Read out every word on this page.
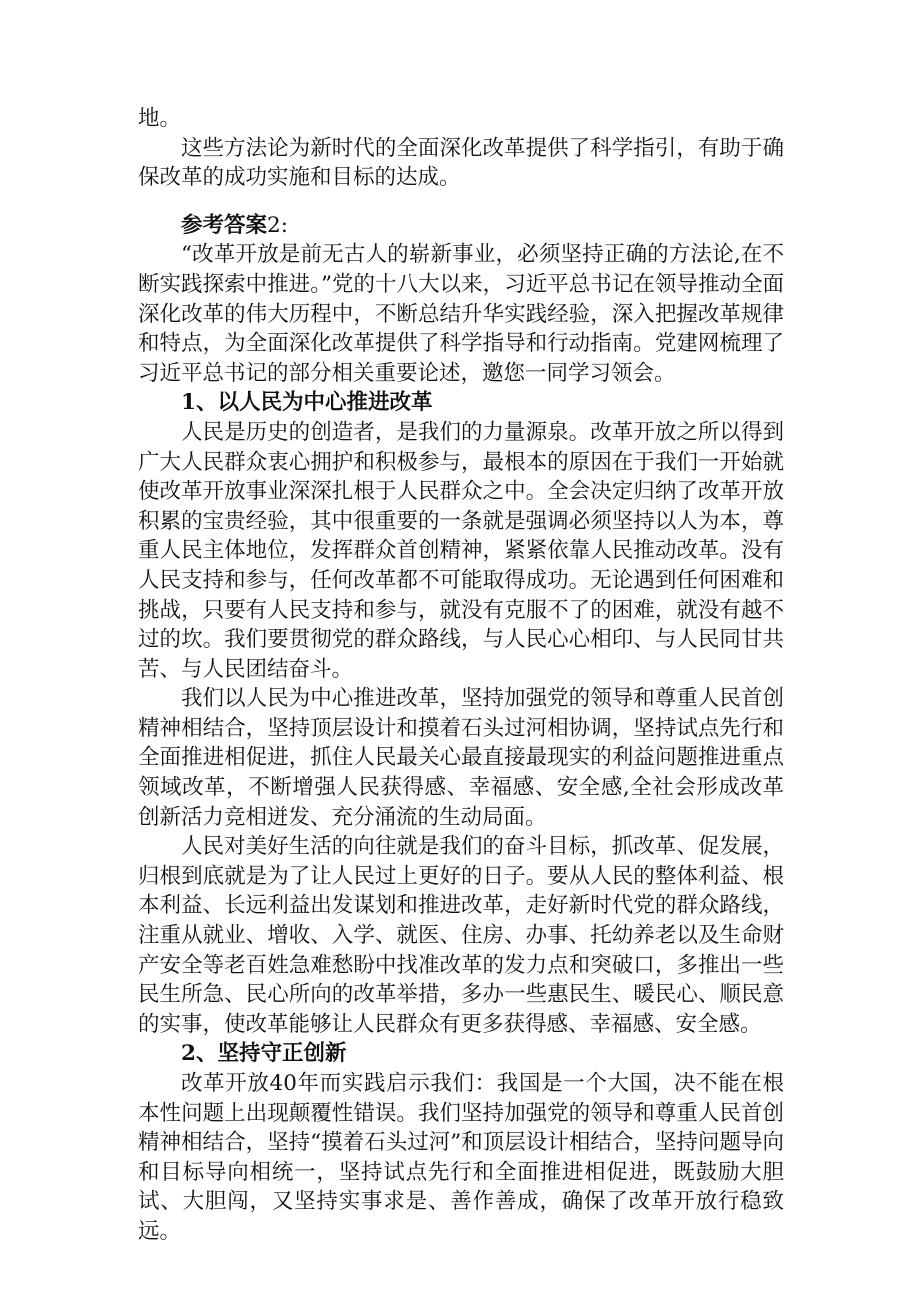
地。

这些方法论为新时代的全面深化改革提供了科学指引，有助于确保改革的成功实施和目标的达成。

参考答案2:

“改革开放是前无古人的崭新事业，必须坚持正确的方法论,在不断实践探索中推进。”党的十八大以来，习近平总书记在领导推动全面深化改革的伟大历程中，不断总结升华实践经验，深入把握改革规律和特点，为全面深化改革提供了科学指导和行动指南。党建网梳理了习近平总书记的部分相关重要论述，邀您一同学习领会。

1、以人民为中心推进改革

人民是历史的创造者，是我们的力量源泉。改革开放之所以得到广大人民群众衷心拥护和积极参与，最根本的原因在于我们一开始就使改革开放事业深深扎根于人民群众之中。全会决定归纳了改革开放积累的宝贵经验，其中很重要的一条就是强调必须坚持以人为本，尊重人民主体地位，发挥群众首创精神，紧紧依靠人民推动改革。没有人民支持和参与，任何改革都不可能取得成功。无论遇到任何困难和挑战，只要有人民支持和参与，就没有克服不了的困难，就没有越不过的坎。我们要贯彻党的群众路线，与人民心心相印、与人民同甘共苦、与人民团结奋斗。

我们以人民为中心推进改革，坚持加强党的领导和尊重人民首创精神相结合，坚持顶层设计和摸着石头过河相协调，坚持试点先行和全面推进相促进，抓住人民最关心最直接最现实的利益问题推进重点领域改革，不断增强人民获得感、幸福感、安全感,全社会形成改革创新活力竞相迸发、充分涌流的生动局面。

人民对美好生活的向往就是我们的奋斗目标，抓改革、促发展，归根到底就是为了让人民过上更好的日子。要从人民的整体利益、根本利益、长远利益出发谋划和推进改革，走好新时代党的群众路线，注重从就业、增收、入学、就医、住房、办事、托幼养老以及生命财产安全等老百姓急难愁盼中找准改革的发力点和突破口，多推出一些民生所急、民心所向的改革举措，多办一些惠民生、暖民心、顺民意的实事，使改革能够让人民群众有更多获得感、幸福感、安全感。

2、坚持守正创新

改革开放40年而实践启示我们：我国是一个大国，决不能在根本性问题上出现颠覆性错误。我们坚持加强党的领导和尊重人民首创精神相结合，坚持“摸着石头过河”和顶层设计相结合，坚持问题导向和目标导向相统一，坚持试点先行和全面推进相促进，既鼓励大胆试、大胆闯，又坚持实事求是、善作善成，确保了改革开放行稳致远。
